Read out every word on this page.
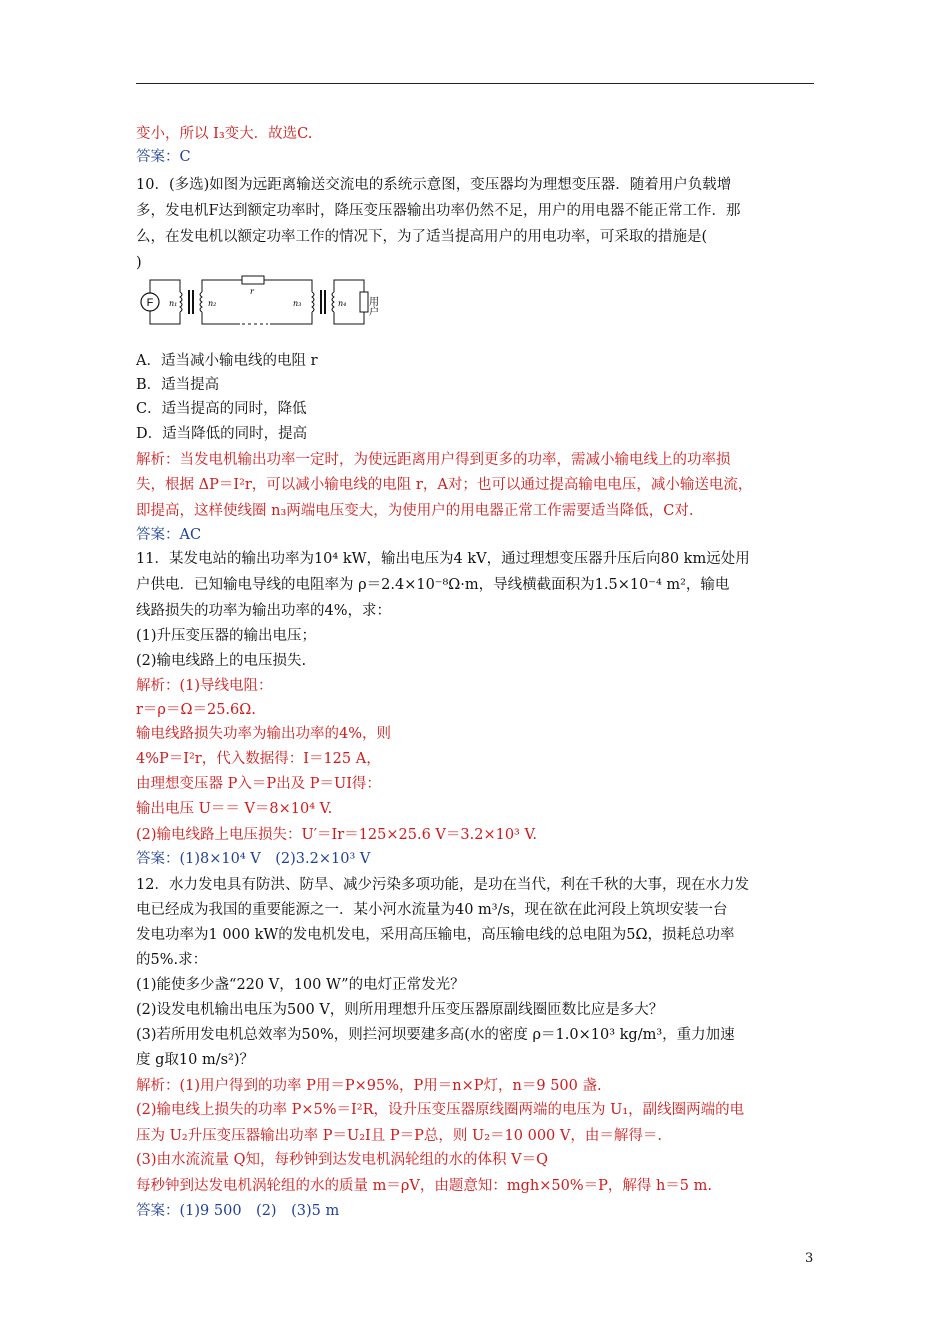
变小，所以 I₃变大．故选C.
答案：C
10．(多选)如图为远距离输送交流电的系统示意图，变压器均为理想变压器．随着用户负载增
多，发电机F达到额定功率时，降压变压器输出功率仍然不足，用户的用电器不能正常工作．那
么，在发电机以额定功率工作的情况下，为了适当提高用户的用电功率，可采取的措施是(
)
A．适当减小输电线的电阻 r
B．适当提高
C．适当提高的同时，降低
D．适当降低的同时，提高
解析：当发电机输出功率一定时，为使远距离用户得到更多的功率，需减小输电线上的功率损
失，根据 ΔP＝I²r，可以减小输电线的电阻 r，A对；也可以通过提高输电电压，减小输送电流，
即提高，这样使线圈 n₃两端电压变大，为使用户的用电器正常工作需要适当降低，C对.
答案：AC
11．某发电站的输出功率为10⁴ kW，输出电压为4 kV，通过理想变压器升压后向80 km远处用
户供电．已知输电导线的电阻率为 ρ＝2.4×10⁻⁸Ω·m，导线横截面积为1.5×10⁻⁴ m²，输电
线路损失的功率为输出功率的4%，求：
(1)升压变压器的输出电压；
(2)输电线路上的电压损失.
解析：(1)导线电阻：
r＝ρ＝Ω＝25.6Ω.
输电线路损失功率为输出功率的4%，则
4%P＝I²r，代入数据得：I＝125 A，
由理想变压器 P入＝P出及 P＝UI得：
输出电压 U＝＝ V＝8×10⁴ V.
(2)输电线路上电压损失：U′＝Ir＝125×25.6 V＝3.2×10³ V.
答案：(1)8×10⁴ V　(2)3.2×10³ V
12．水力发电具有防洪、防旱、减少污染多项功能，是功在当代，利在千秋的大事，现在水力发
电已经成为我国的重要能源之一．某小河水流量为40 m³/s，现在欲在此河段上筑坝安装一台
发电功率为1 000 kW的发电机发电，采用高压输电，高压输电线的总电阻为5Ω，损耗总功率
的5%.求：
(1)能使多少盏“220 V，100 W”的电灯正常发光？
(2)设发电机输出电压为500 V，则所用理想升压变压器原副线圈匝数比应是多大？
(3)若所用发电机总效率为50%，则拦河坝要建多高(水的密度 ρ＝1.0×10³ kg/m³，重力加速
度 g取10 m/s²)？
解析：(1)用户得到的功率 P用＝P×95%，P用＝n×P灯，n＝9 500 盏.
(2)输电线上损失的功率 P×5%＝I²R，设升压变压器原线圈两端的电压为 U₁，副线圈两端的电
压为 U₂升压变压器输出功率 P＝U₂I且 P＝P总，则 U₂＝10 000 V，由＝解得＝.
(3)由水流流量 Q知，每秒钟到达发电机涡轮组的水的体积 V＝Q
每秒钟到达发电机涡轮组的水的质量 m＝ρV，由题意知：mgh×50%＝P，解得 h＝5 m.
答案：(1)9 500　(2)　(3)5 m
F n₁	n₂
r
n₃	n₄ 用户
3
